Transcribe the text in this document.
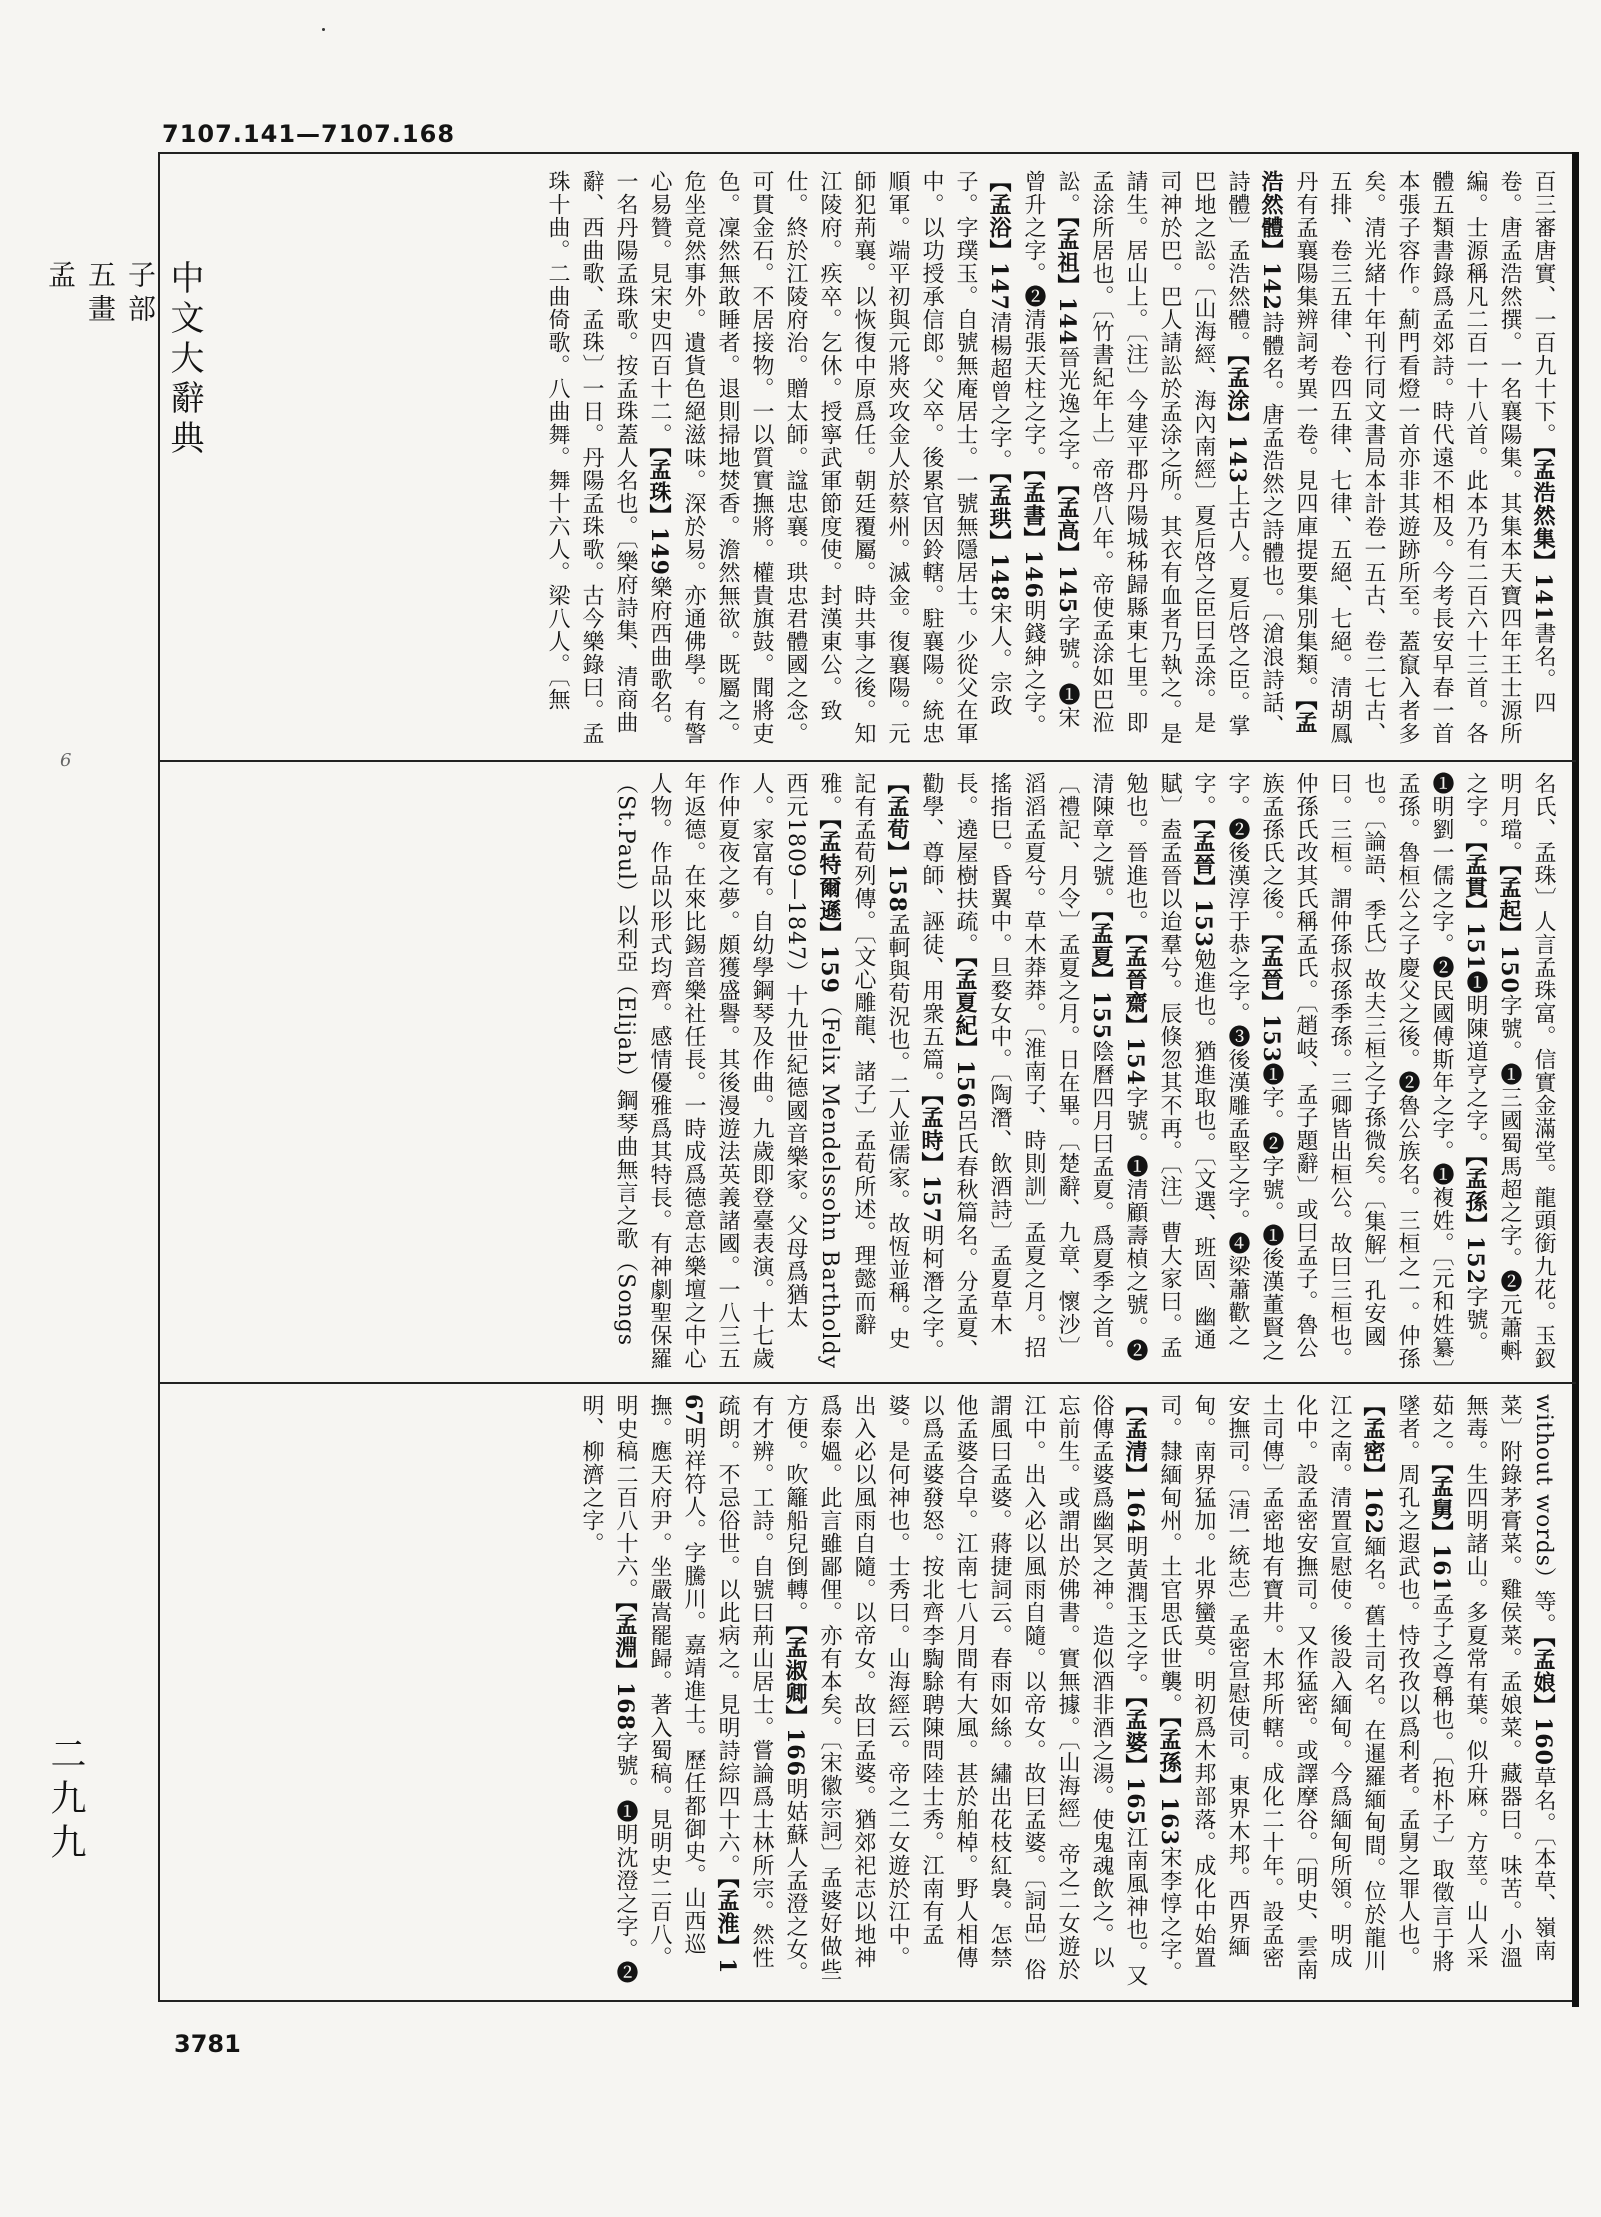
7107.141—7107.168
中文大辭典
子部
五畫
孟
6
二九九
百三審唐實、一百九十下。【孟浩然集】141書名。四卷。唐孟浩然撰。一名襄陽集。其集本天寶四年王士源所編。士源稱凡二百一十八首。此本乃有二百六十三首。各體五類書錄爲孟郊詩。時代遠不相及。今考長安早春一首本張子容作。薊門看燈一首亦非其遊跡所至。蓋竄入者多矣。清光緒十年刊行同文書局本計卷一五古、卷二七古、五排、卷三五律、卷四五律、七律、五絕、七絕。清胡鳳丹有孟襄陽集辨詞考異一卷。見四庫提要集別集類。【孟浩然體】142詩體名。唐孟浩然之詩體也。〔滄浪詩話、詩體〕孟浩然體。【孟涂】143上古人。夏后啓之臣。掌巴地之訟。〔山海經、海內南經〕夏后啓之臣曰孟涂。是司神於巴。巴人請訟於孟涂之所。其衣有血者乃執之。是請生。居山上。〔注〕今建平郡丹陽城秭歸縣東七里。即孟涂所居也。〔竹書紀年上〕帝啓八年。帝使孟涂如巴涖訟。【孟祖】144晉光逸之字。【孟高】145字號。❶宋曾升之字。❷清張天柱之字。【孟書】146明錢紳之字。【孟浴】147清楊超曾之字。【孟珙】148宋人。宗政子。字璞玉。自號無庵居士。一號無隱居士。少從父在軍中。以功授承信郎。父卒。後累官因鈴轄。駐襄陽。統忠順軍。端平初與元將夾攻金人於蔡州。滅金。復襄陽。元師犯荊襄。以恢復中原爲任。朝廷覆屬。時共事之後。知江陵府。疾卒。乞休。授寧武軍節度使。封漢東公。致仕。終於江陵府治。贈太師。諡忠襄。珙忠君體國之念。可貫金石。不居接物。一以質實撫將。權貴旗鼓。聞將吏色。凜然無敢睡者。退則掃地焚香。澹然無欲。既屬之。危坐竟然事外。遺貨色絕滋味。深於易。亦通佛學。有警心易贊。見宋史四百十二。【孟珠】149樂府西曲歌名。一名丹陽孟珠歌。按孟珠蓋人名也。〔樂府詩集、清商曲辭、西曲歌、孟珠〕一日。丹陽孟珠歌。古今樂錄曰。孟珠十曲。二曲倚歌。八曲舞。舞十六人。梁八人。〔無
名氏、孟珠〕人言孟珠富。信實金滿堂。龍頭銜九花。玉釵明月璫。【孟起】150字號。❶三國蜀馬超之字。❷元蕭㪺之字。【孟貫】151❶明陳道亨之字。【孟孫】152字號。❶明劉一儒之字。❷民國傅斯年之字。❶複姓。〔元和姓纂〕孟孫。魯桓公之子慶父之後。❷魯公族名。三桓之一。仲孫也。〔論語、季氏〕故夫三桓之子孫微矣。〔集解〕孔安國曰。三桓。謂仲孫叔孫季孫。三卿皆出桓公。故曰三桓也。仲孫氏改其氏稱孟氏。〔趙岐、孟子題辭〕或曰孟子。魯公族孟孫氏之後。【孟晉】153❶字。❷字號。❶後漢董賢之字。❷後漢淳于恭之字。❸後漢雕孟堅之字。❹梁蕭歡之字。【孟晉】153勉進也。猶進取也。〔文選、班固、幽通賦〕盍孟晉以迨羣兮。辰倏忽其不再。〔注〕曹大家曰。孟勉也。晉進也。【孟晉齋】154字號。❶清顧壽楨之號。❷清陳章之號。【孟夏】155陰曆四月曰孟夏。爲夏季之首。〔禮記、月令〕孟夏之月。日在畢。〔楚辭、九章、懷沙〕滔滔孟夏兮。草木莽莽。〔淮南子、時則訓〕孟夏之月。招搖指巳。昏翼中。旦婺女中。〔陶潛、飲酒詩〕孟夏草木長。遶屋樹扶疏。【孟夏紀】156呂氏春秋篇名。分孟夏、勸學、尊師、誣徒、用衆五篇。【孟時】157明柯潛之字。【孟荀】158孟軻與荀況也。二人並儒家。故恆並稱。史記有孟荀列傳。〔文心雕龍、諸子〕孟荀所述。理懿而辭雅。【孟特爾遜】159（Felix Mendelssohn Bartholdy 西元1809—1847）十九世紀德國音樂家。父母爲猶太人。家富有。自幼學鋼琴及作曲。九歲即登臺表演。十七歲作仲夏夜之夢。頗獲盛譽。其後漫遊法英義諸國。一八三五年返德。在來比錫音樂社任長。一時成爲德意志樂壇之中心人物。作品以形式均齊。感情優雅爲其特長。有神劇聖保羅（St.Paul）以利亞（Elijah）鋼琴曲無言之歌（Songs
without words）等。【孟娘】160草名。〔本草、嶺南菜〕附錄茅膏菜。雞侯菜。孟娘菜。藏器曰。味苦。小溫無毒。生四明諸山。多夏常有葉。似升麻。方莖。山人采茹之。【孟舅】161孟子之尊稱也。〔抱朴子〕取徵言于將墜者。周孔之遐武也。恃孜孜以爲利者。孟舅之罪人也。【孟密】162緬名。舊土司名。在暹羅緬甸間。位於龍川江之南。清置宣慰使。後設入緬甸。今爲緬甸所領。明成化中。設孟密安撫司。又作猛密。或譯摩谷。〔明史、雲南土司傳〕孟密地有寶井。木邦所轄。成化二十年。設孟密安撫司。〔清一統志〕孟密宣慰使司。東界木邦。西界緬甸。南界猛加。北界蠻莫。明初爲木邦部落。成化中始置司。隸緬甸州。土官思氏世襲。【孟孫】163宋李惇之字。【孟清】164明黃潤玉之字。【孟婆】165江南風神也。又俗傳孟婆爲幽冥之神。造似酒非酒之湯。使鬼魂飲之。以忘前生。或謂出於佛書。實無據。〔山海經〕帝之二女遊於江中。出入必以風雨自隨。以帝女。故曰孟婆。〔詞品〕俗謂風曰孟婆。蔣捷詞云。春雨如絲。繡出花枝紅裊。怎禁他孟婆合皁。江南七八月間有大風。甚於舶棹。野人相傳以爲孟婆發怒。按北齊李騊駼聘陳問陸士秀。江南有孟婆。是何神也。士秀曰。山海經云。帝之二女遊於江中。出入必以風雨自隨。以帝女。故曰孟婆。猶郊祀志以地神爲泰媼。此言雖鄙俚。亦有本矣。〔宋徽宗詞〕孟婆好做些方便。吹籬船兒倒轉。【孟淑卿】166明姑蘇人孟澄之女。有才辨。工詩。自號曰荊山居士。嘗論爲士林所宗。然性疏朗。不忌俗世。以此病之。見明詩綜四十六。【孟淮】167明祥符人。字騰川。嘉靖進士。歷任都御史。山西巡撫。應天府尹。坐嚴嵩罷歸。著入蜀稿。見明史二百八。明史稿二百八十六。【孟淵】168字號。❶明沈澄之字。❷明、柳濟之字。
3781
